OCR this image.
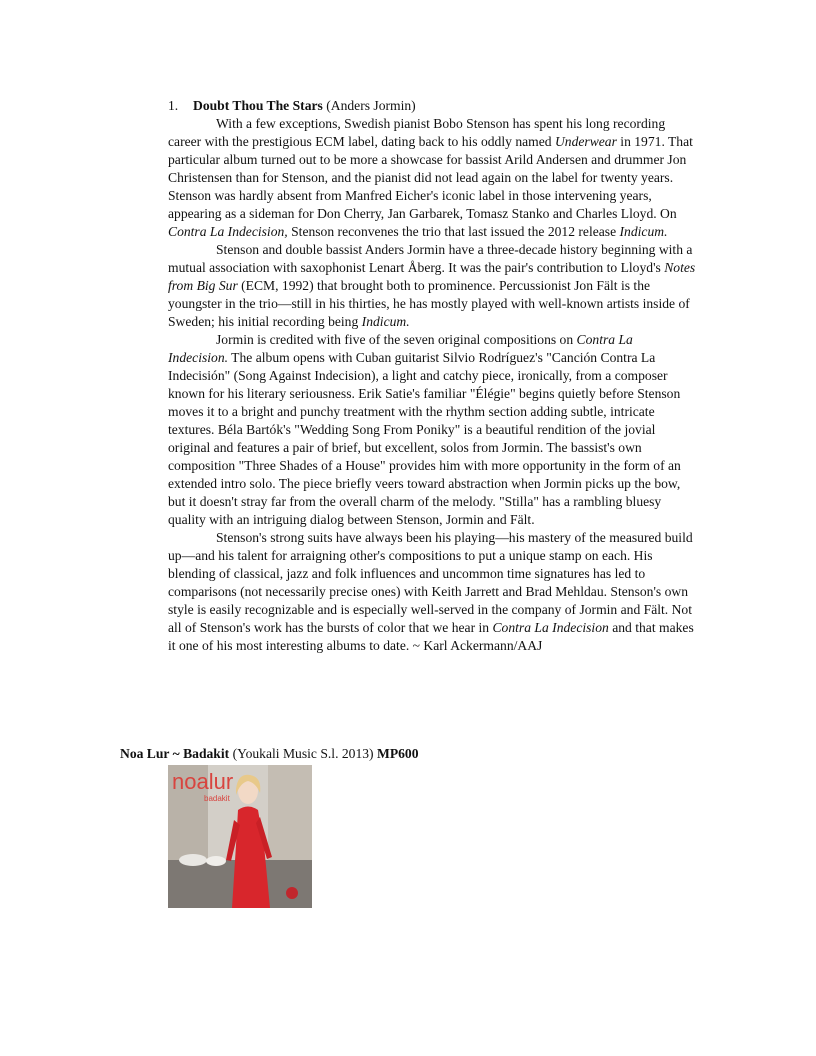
1. Doubt Thou The Stars (Anders Jormin)

With a few exceptions, Swedish pianist Bobo Stenson has spent his long recording career with the prestigious ECM label, dating back to his oddly named Underwear in 1971. That particular album turned out to be more a showcase for bassist Arild Andersen and drummer Jon Christensen than for Stenson, and the pianist did not lead again on the label for twenty years. Stenson was hardly absent from Manfred Eicher's iconic label in those intervening years, appearing as a sideman for Don Cherry, Jan Garbarek, Tomasz Stanko and Charles Lloyd. On Contra La Indecision, Stenson reconvenes the trio that last issued the 2012 release Indicum.

Stenson and double bassist Anders Jormin have a three-decade history beginning with a mutual association with saxophonist Lenart Åberg. It was the pair's contribution to Lloyd's Notes from Big Sur (ECM, 1992) that brought both to prominence. Percussionist Jon Fält is the youngster in the trio—still in his thirties, he has mostly played with well-known artists inside of Sweden; his initial recording being Indicum.

Jormin is credited with five of the seven original compositions on Contra La Indecision. The album opens with Cuban guitarist Silvio Rodríguez's "Canción Contra La Indecisión" (Song Against Indecision), a light and catchy piece, ironically, from a composer known for his literary seriousness. Erik Satie's familiar "Élégie" begins quietly before Stenson moves it to a bright and punchy treatment with the rhythm section adding subtle, intricate textures. Béla Bartók's "Wedding Song From Poniky" is a beautiful rendition of the jovial original and features a pair of brief, but excellent, solos from Jormin. The bassist's own composition "Three Shades of a House" provides him with more opportunity in the form of an extended intro solo. The piece briefly veers toward abstraction when Jormin picks up the bow, but it doesn't stray far from the overall charm of the melody. "Stilla" has a rambling bluesy quality with an intriguing dialog between Stenson, Jormin and Fält.

Stenson's strong suits have always been his playing—his mastery of the measured build up—and his talent for arraigning other's compositions to put a unique stamp on each. His blending of classical, jazz and folk influences and uncommon time signatures has led to comparisons (not necessarily precise ones) with Keith Jarrett and Brad Mehldau. Stenson's own style is easily recognizable and is especially well-served in the company of Jormin and Fält. Not all of Stenson's work has the bursts of color that we hear in Contra La Indecision and that makes it one of his most interesting albums to date. ~ Karl Ackermann/AAJ

Noa Lur ~ Badakit (Youkali Music S.l. 2013) MP600
noalur
badakit
